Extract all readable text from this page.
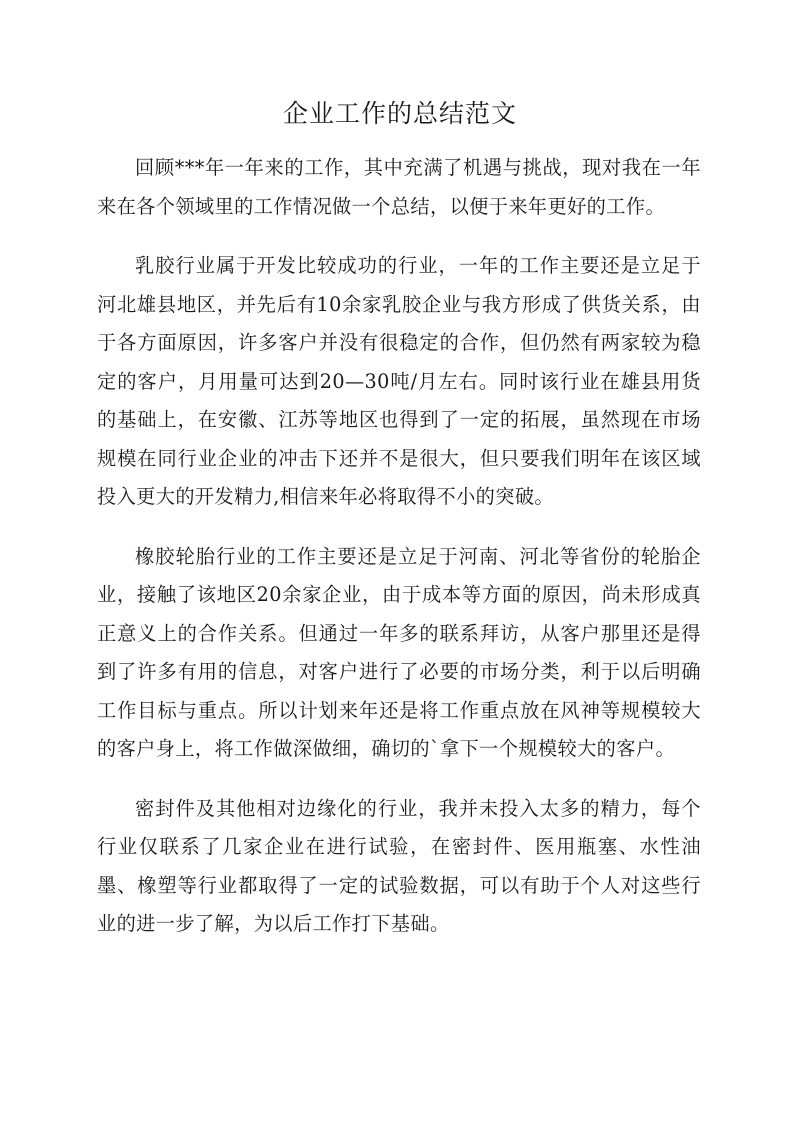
企业工作的总结范文

回顾***年一年来的工作，其中充满了机遇与挑战，现对我在一年来在各个领域里的工作情况做一个总结，以便于来年更好的工作。

乳胶行业属于开发比较成功的行业，一年的工作主要还是立足于河北雄县地区，并先后有10余家乳胶企业与我方形成了供货关系，由于各方面原因，许多客户并没有很稳定的合作，但仍然有两家较为稳定的客户，月用量可达到20—30吨/月左右。同时该行业在雄县用货的基础上，在安徽、江苏等地区也得到了一定的拓展，虽然现在市场规模在同行业企业的冲击下还并不是很大，但只要我们明年在该区域投入更大的开发精力,相信来年必将取得不小的突破。

橡胶轮胎行业的工作主要还是立足于河南、河北等省份的轮胎企业，接触了该地区20余家企业，由于成本等方面的原因，尚未形成真正意义上的合作关系。但通过一年多的联系拜访，从客户那里还是得到了许多有用的信息，对客户进行了必要的市场分类，利于以后明确工作目标与重点。所以计划来年还是将工作重点放在风神等规模较大的客户身上，将工作做深做细，确切的`拿下一个规模较大的客户。

密封件及其他相对边缘化的行业，我并未投入太多的精力，每个行业仅联系了几家企业在进行试验，在密封件、医用瓶塞、水性油墨、橡塑等行业都取得了一定的试验数据，可以有助于个人对这些行业的进一步了解，为以后工作打下基础。
